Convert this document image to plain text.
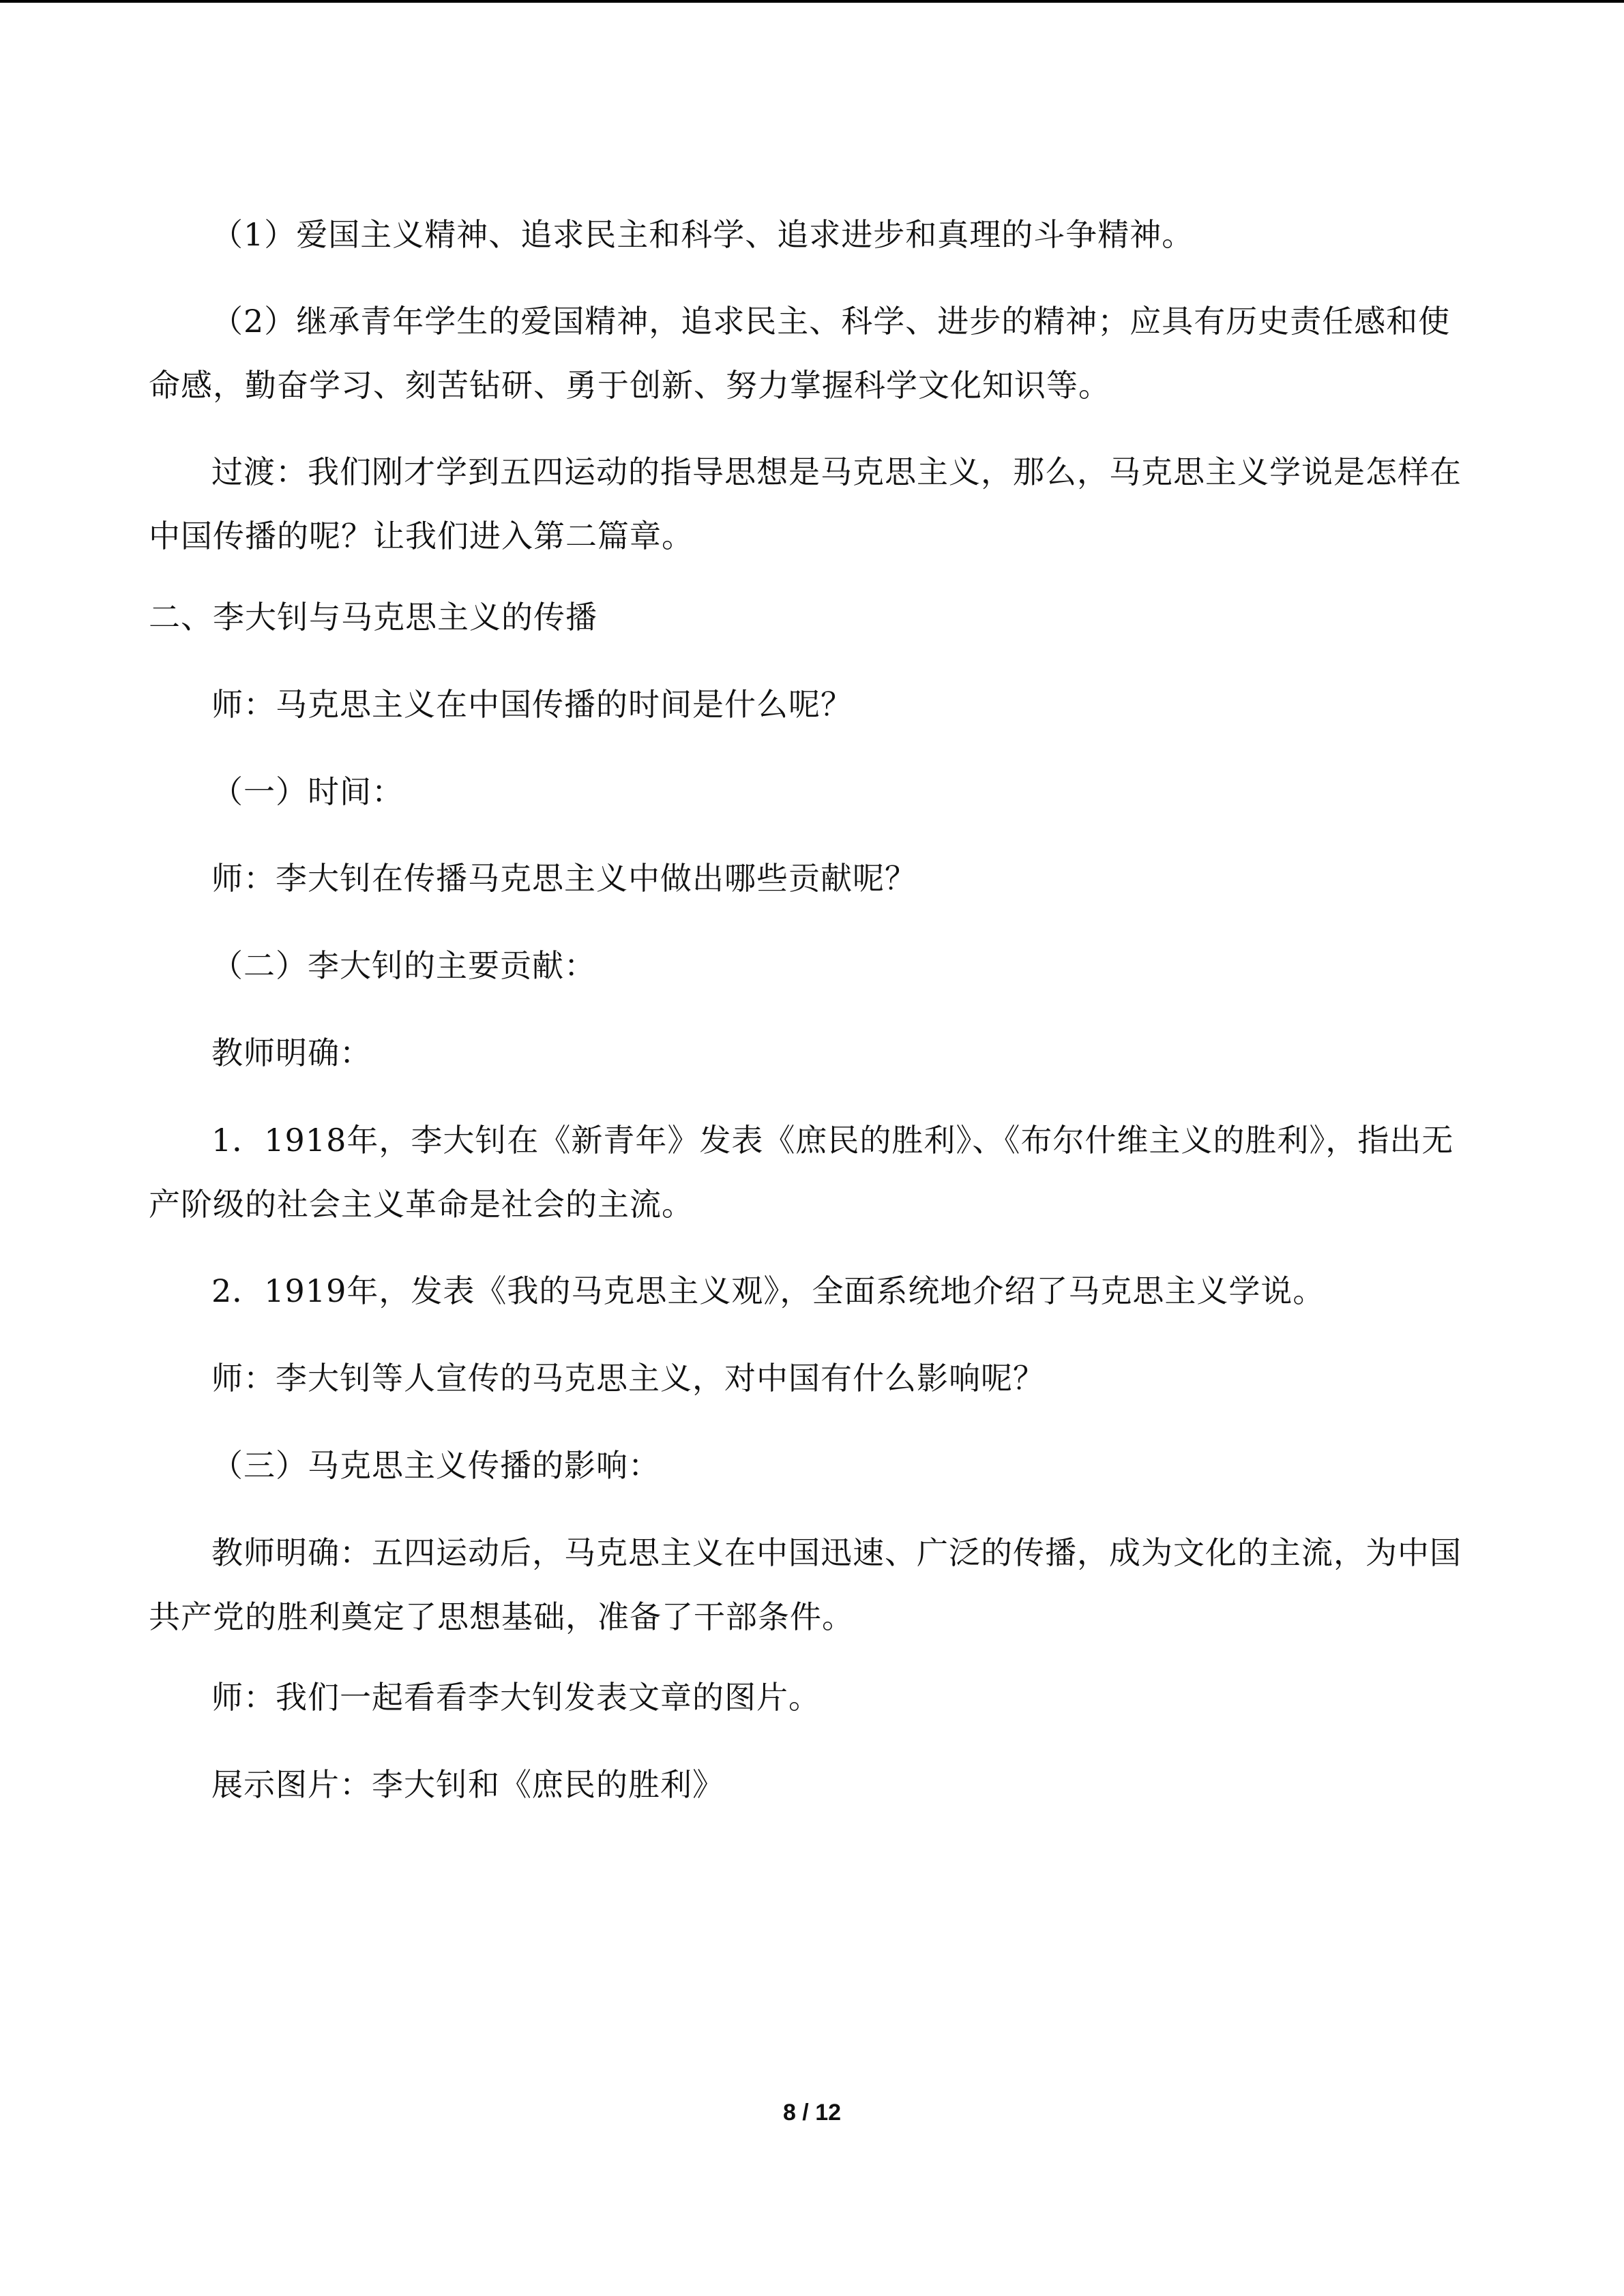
（1）爱国主义精神、追求民主和科学、追求进步和真理的斗争精神。
（2）继承青年学生的爱国精神，追求民主、科学、进步的精神；应具有历史责任感和使命感，勤奋学习、刻苦钻研、勇于创新、努力掌握科学文化知识等。
过渡：我们刚才学到五四运动的指导思想是马克思主义，那么，马克思主义学说是怎样在中国传播的呢？让我们进入第二篇章。
二、李大钊与马克思主义的传播
师：马克思主义在中国传播的时间是什么呢？
（一）时间：
师：李大钊在传播马克思主义中做出哪些贡献呢？
（二）李大钊的主要贡献：
教师明确：
1．1918年，李大钊在《新青年》发表《庶民的胜利》、《布尔什维主义的胜利》，指出无产阶级的社会主义革命是社会的主流。
2．1919年，发表《我的马克思主义观》，全面系统地介绍了马克思主义学说。
师：李大钊等人宣传的马克思主义，对中国有什么影响呢？
（三）马克思主义传播的影响：
教师明确：五四运动后，马克思主义在中国迅速、广泛的传播，成为文化的主流，为中国共产党的胜利奠定了思想基础，准备了干部条件。
师：我们一起看看李大钊发表文章的图片。
展示图片：李大钊和《庶民的胜利》
8 / 12
